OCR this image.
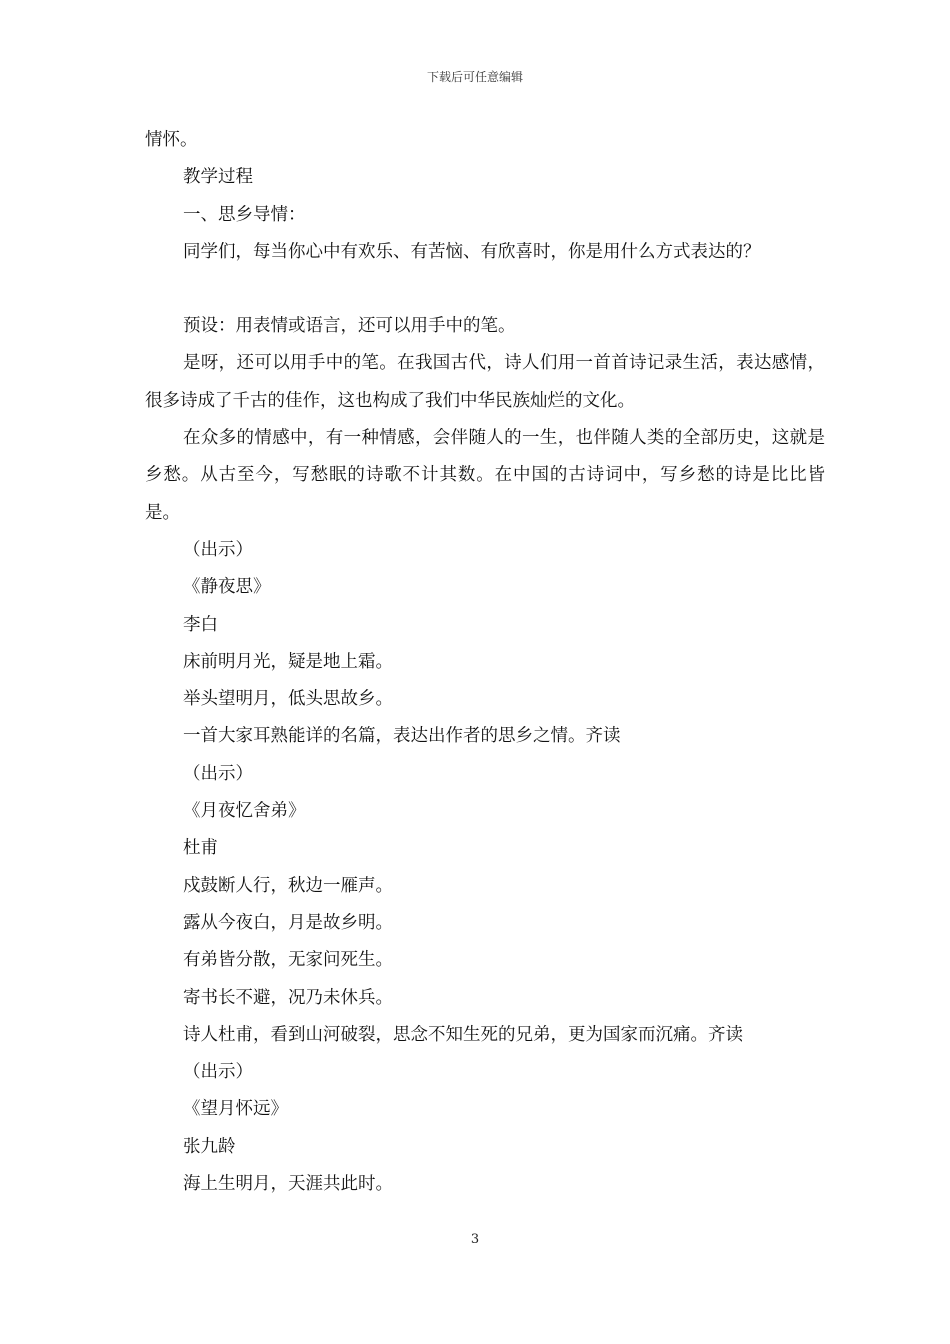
下载后可任意编辑

情怀。

教学过程

一、思乡导情：

同学们，每当你心中有欢乐、有苦恼、有欣喜时，你是用什么方式表达的？

预设：用表情或语言，还可以用手中的笔。

是呀，还可以用手中的笔。在我国古代，诗人们用一首首诗记录生活，表达感情，很多诗成了千古的佳作，这也构成了我们中华民族灿烂的文化。

在众多的情感中，有一种情感，会伴随人的一生，也伴随人类的全部历史，这就是乡愁。从古至今，写愁眠的诗歌不计其数。在中国的古诗词中，写乡愁的诗是比比皆是。

（出示）

《静夜思》

李白

床前明月光，疑是地上霜。

举头望明月，低头思故乡。

一首大家耳熟能详的名篇，表达出作者的思乡之情。齐读

（出示）

《月夜忆舍弟》

杜甫

戍鼓断人行，秋边一雁声。

露从今夜白，月是故乡明。

有弟皆分散，无家问死生。

寄书长不避，况乃未休兵。

诗人杜甫，看到山河破裂，思念不知生死的兄弟，更为国家而沉痛。齐读

（出示）

《望月怀远》

张九龄

海上生明月，天涯共此时。

3
